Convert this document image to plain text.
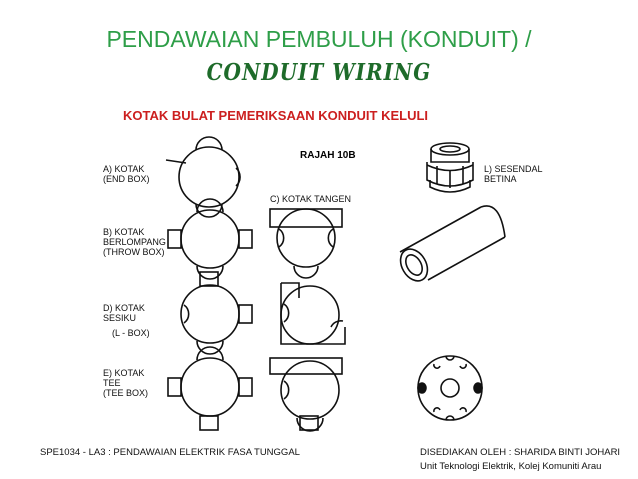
PENDAWAIAN PEMBULUH (KONDUIT) /
CONDUIT WIRING
KOTAK BULAT PEMERIKSAAN KONDUIT KELULI
RAJAH 10B
A) KOTAK
(END BOX)
B) KOTAK
BERLOMPANG
(THROW BOX)
C) KOTAK TANGEN
D) KOTAK
SESIKU
(L - BOX)
E) KOTAK
TEE
(TEE BOX)
L) SESENDAL
BETINA
SPE1034 - LA3 : PENDAWAIAN ELEKTRIK FASA TUNGGAL	DISEDIAKAN OLEH : SHARIDA BINTI JOHARI
Unit Teknologi Elektrik, Kolej Komuniti Arau
